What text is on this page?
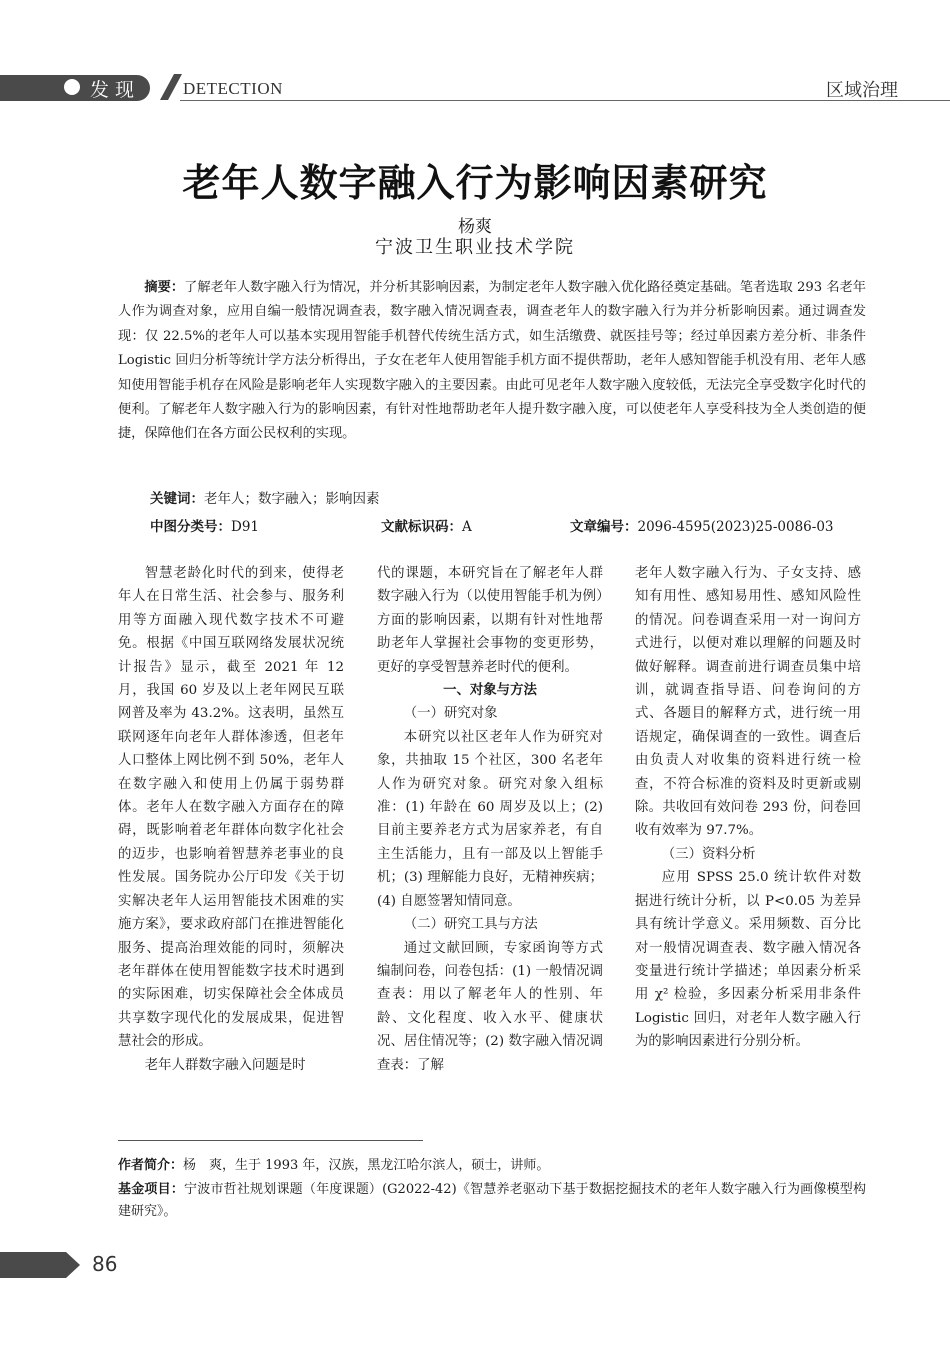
发现	DETECTION	区域治理
老年人数字融入行为影响因素研究
杨爽
宁波卫生职业技术学院

摘要：了解老年人数字融入行为情况，并分析其影响因素，为制定老年人数字融入优化路径奠定基础。笔者选取 293 名老年人作为调查对象，应用自编一般情况调查表，数字融入情况调查表，调查老年人的数字融入行为并分析影响因素。通过调查发现：仅 22.5%的老年人可以基本实现用智能手机替代传统生活方式，如生活缴费、就医挂号等；经过单因素方差分析、非条件 Logistic 回归分析等统计学方法分析得出，子女在老年人使用智能手机方面不提供帮助，老年人感知智能手机没有用、老年人感知使用智能手机存在风险是影响老年人实现数字融入的主要因素。由此可见老年人数字融入度较低，无法完全享受数字化时代的便利。了解老年人数字融入行为的影响因素，有针对性地帮助老年人提升数字融入度，可以使老年人享受科技为全人类创造的便捷，保障他们在各方面公民权利的实现。

关键词：老年人；数字融入；影响因素
中图分类号：D91	文献标识码：A	文章编号：2096-4595(2023)25-0086-03

智慧老龄化时代的到来，使得老年人在日常生活、社会参与、服务利用等方面融入现代数字技术不可避免。根据《中国互联网络发展状况统计报告》显示，截至 2021 年 12 月，我国 60 岁及以上老年网民互联网普及率为 43.2%。这表明，虽然互联网逐年向老年人群体渗透，但老年人口整体上网比例不到 50%，老年人在数字融入和使用上仍属于弱势群体。老年人在数字融入方面存在的障碍，既影响着老年群体向数字化社会的迈步，也影响着智慧养老事业的良性发展。国务院办公厅印发《关于切实解决老年人运用智能技术困难的实施方案》，要求政府部门在推进智能化服务、提高治理效能的同时，须解决老年群体在使用智能数字技术时遇到的实际困难，切实保障社会全体成员共享数字现代化的发展成果，促进智慧社会的形成。

老年人群数字融入问题是时

代的课题，本研究旨在了解老年人群数字融入行为（以使用智能手机为例）方面的影响因素，以期有针对性地帮助老年人掌握社会事物的变更形势，更好的享受智慧养老时代的便利。

一、对象与方法

（一）研究对象

本研究以社区老年人作为研究对象，共抽取 15 个社区，300 名老年人作为研究对象。研究对象入组标准：(1) 年龄在 60 周岁及以上；(2) 目前主要养老方式为居家养老，有自主生活能力，且有一部及以上智能手机；(3) 理解能力良好，无精神疾病；(4) 自愿签署知情同意。

（二）研究工具与方法

通过文献回顾，专家函询等方式编制问卷，问卷包括：(1) 一般情况调查表：用以了解老年人的性别、年龄、文化程度、收入水平、健康状况、居住情况等；(2) 数字融入情况调查表：了解

老年人数字融入行为、子女支持、感知有用性、感知易用性、感知风险性的情况。问卷调查采用一对一询问方式进行，以便对难以理解的问题及时做好解释。调查前进行调查员集中培训，就调查指导语、问卷询问的方式、各题目的解释方式，进行统一用语规定，确保调查的一致性。调查后由负责人对收集的资料进行统一检查，不符合标准的资料及时更新或剔除。共收回有效问卷 293 份，问卷回收有效率为 97.7%。

（三）资料分析

应用 SPSS 25.0 统计软件对数据进行统计分析，以 P<0.05 为差异具有统计学意义。采用频数、百分比对一般情况调查表、数字融入情况各变量进行统计学描述；单因素分析采用 χ² 检验，多因素分析采用非条件 Logistic 回归，对老年人数字融入行为的影响因素进行分别分析。

作者简介：杨　爽，生于 1993 年，汉族，黑龙江哈尔滨人，硕士，讲师。
基金项目：宁波市哲社规划课题（年度课题）(G2022-42)《智慧养老驱动下基于数据挖掘技术的老年人数字融入行为画像模型构建研究》。
86
